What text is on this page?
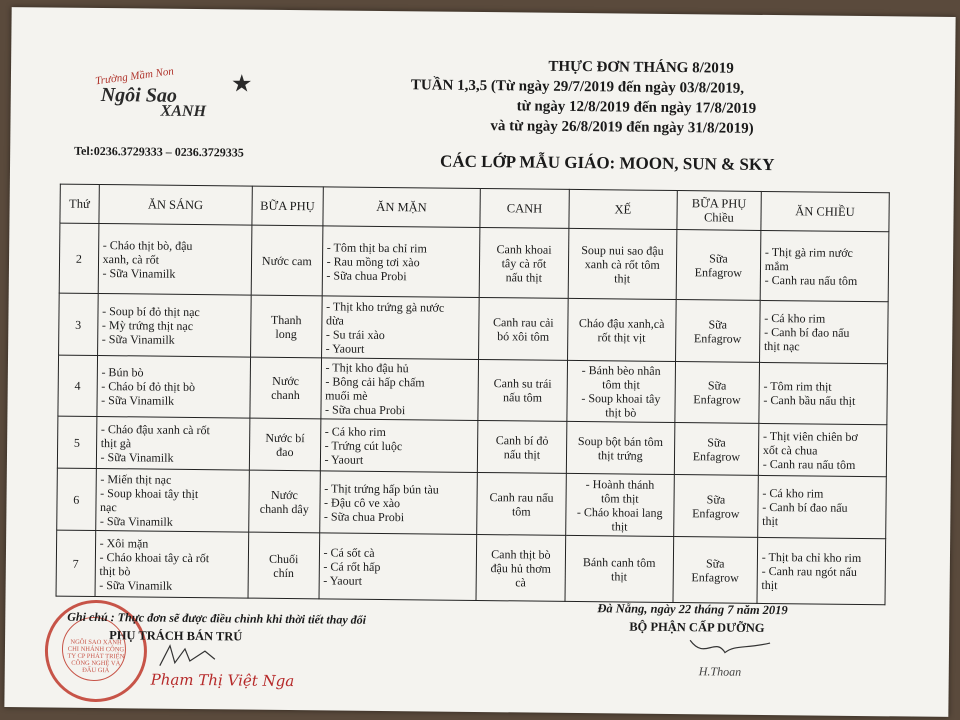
Trường Mầm Non
Ngôi Sao
XANH
★
Tel:0236.3729333 – 0236.3729335
THỰC ĐƠN THÁNG 8/2019
TUẦN 1,3,5 (Từ ngày 29/7/2019 đến ngày 03/8/2019,
từ ngày 12/8/2019 đến ngày 17/8/2019
và từ ngày 26/8/2019 đến ngày 31/8/2019)
CÁC LỚP MẪU GIÁO: MOON, SUN & SKY
Thứ	ĂN SÁNG	BỮA PHỤ	ĂN MẶN	CANH	XẾ	BỮA PHỤ Chiều	ĂN CHIỀU
2	- Cháo thịt bò, đậu
xanh, cà rốt
- Sữa Vinamilk	Nước cam	- Tôm thịt ba chỉ rim
- Rau mồng tơi xào
- Sữa chua Probi	Canh khoai
tây cà rốt
nấu thịt	Soup nui sao đậu
xanh cà rốt tôm
thịt	Sữa
Enfagrow	- Thịt gà rim nước
mắm
- Canh rau nấu tôm

3	- Soup bí đỏ thịt nạc
- Mỳ trứng thịt nạc
- Sữa Vinamilk	Thanh
long	- Thịt kho trứng gà nước
dừa
- Su trái xào
- Yaourt	Canh rau cải
bó xôi tôm	Cháo đậu xanh,cà
rốt thịt vịt	Sữa
Enfagrow	- Cá kho rim
- Canh bí đao nấu
thịt nạc

4	- Bún bò
- Cháo bí đỏ thịt bò
- Sữa Vinamilk	Nước
chanh	- Thịt kho đậu hủ
- Bông cải hấp chấm
muối mè
- Sữa chua Probi	Canh su trái
nấu tôm	- Bánh bèo nhân
tôm thịt
- Soup khoai tây
thịt bò	Sữa
Enfagrow	- Tôm rim thịt
- Canh bầu nấu thịt

5	- Cháo đậu xanh cà rốt
thịt gà
- Sữa Vinamilk	Nước bí
đao	- Cá kho rim
- Trứng cút luộc
- Yaourt	Canh bí đỏ
nấu thịt	Soup bột bán tôm
thịt trứng	Sữa
Enfagrow	- Thịt viên chiên bơ
xốt cà chua
- Canh rau nấu tôm

6	- Miến thịt nạc
- Soup khoai tây thịt
nạc
- Sữa Vinamilk	Nước
chanh dây	- Thịt trứng hấp bún tàu
- Đậu cô ve xào
- Sữa chua Probi	Canh rau nấu
tôm	- Hoành thánh
tôm thịt
- Cháo khoai lang
thịt	Sữa
Enfagrow	- Cá kho rim
- Canh bí đao nấu
thịt

7	- Xôi mặn
- Cháo khoai tây cà rốt
thịt bò
- Sữa Vinamilk	Chuối
chín	- Cá sốt cà
- Cá rốt hấp
- Yaourt	Canh thịt bò
đậu hủ thơm
cà	Bánh canh tôm
thịt	Sữa
Enfagrow	- Thịt ba chỉ kho rim
- Canh rau ngót nấu
thịt
NGÔI SAO XANH CHI NHÁNH CÔNG TY CP PHÁT TRIỂN CÔNG NGHỆ VÀ ĐẤU GIÁ
Ghi chú : Thực đơn sẽ được điều chỉnh khi thời tiết thay đổi
PHỤ TRÁCH BÁN TRÚ
Phạm Thị Việt Nga
Đà Nẵng, ngày 22 tháng 7 năm 2019
BỘ PHẬN CẤP DƯỠNG
H.Thoan
